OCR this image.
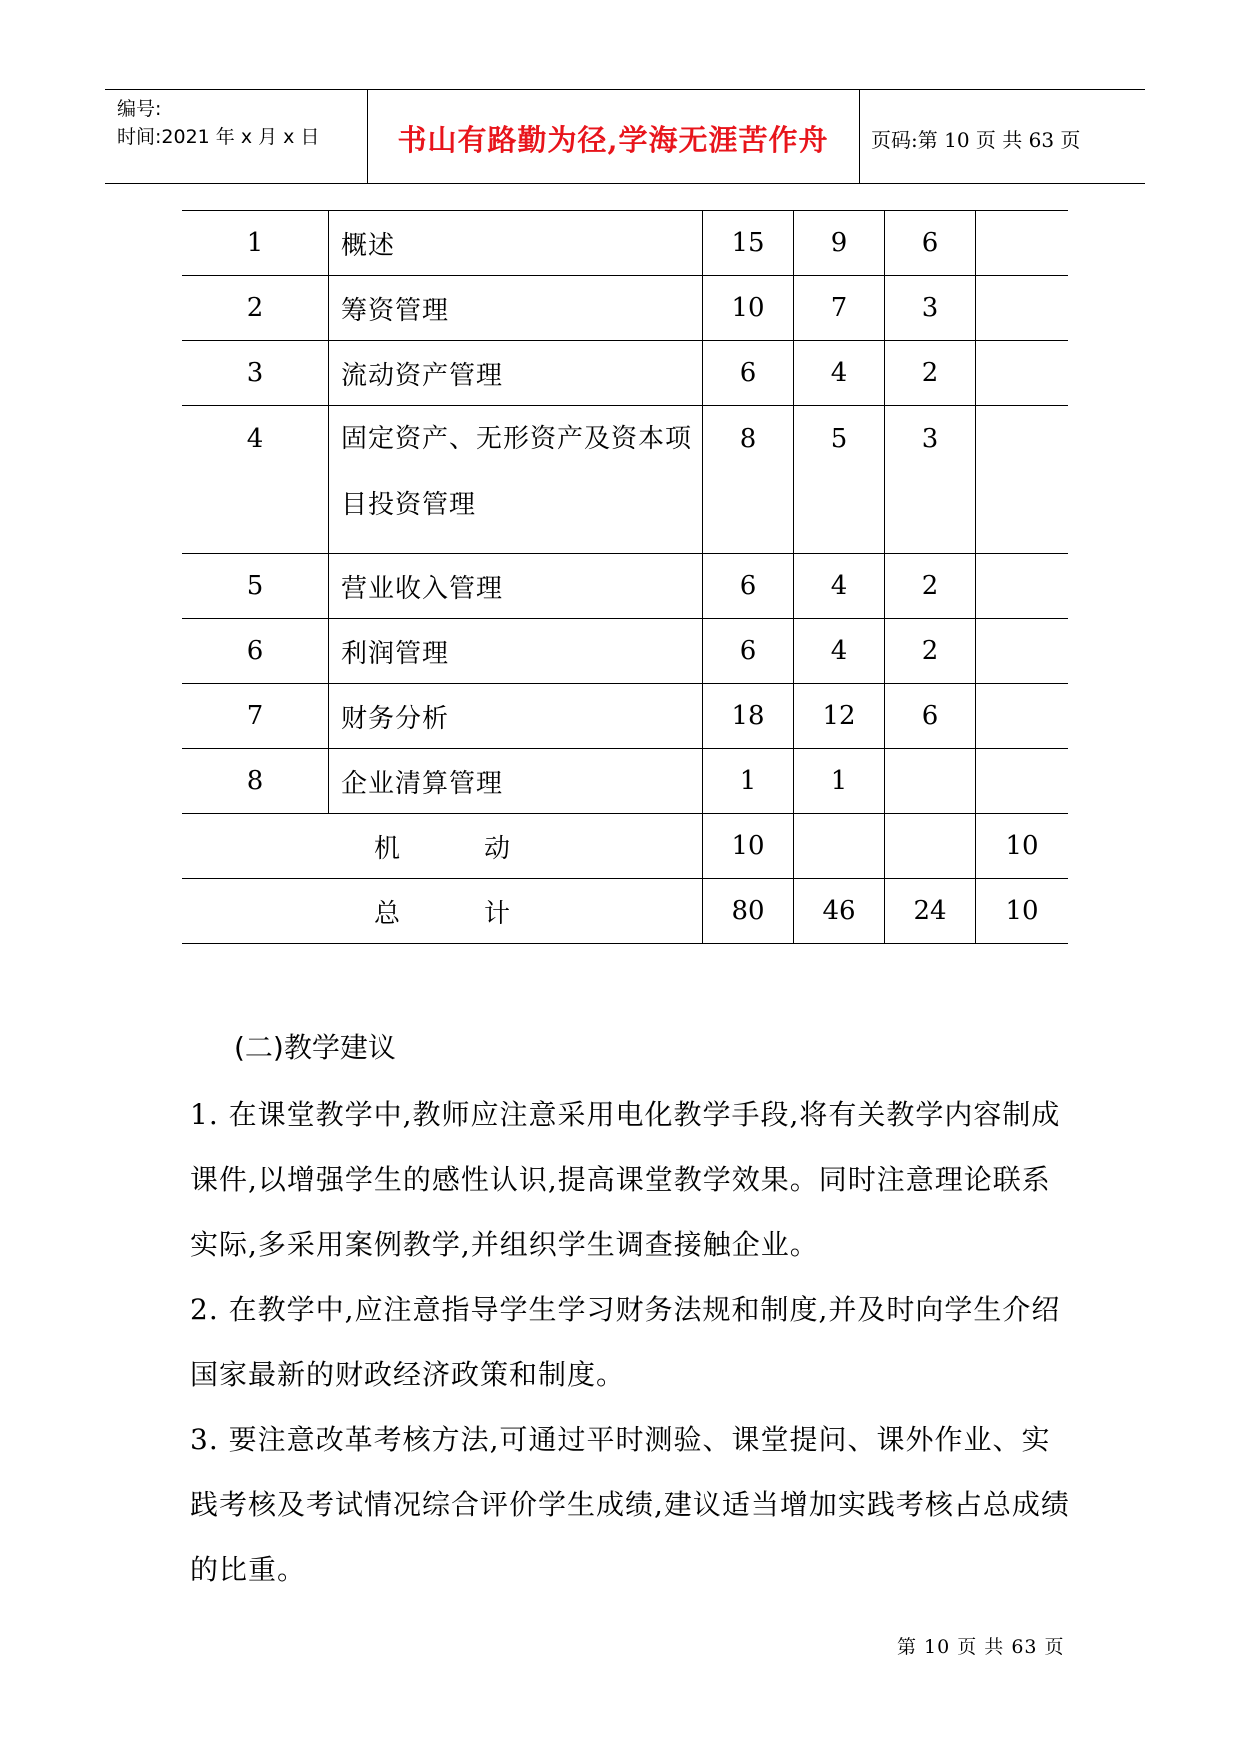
编号:
时间:2021 年 x 月 x 日	书山有路勤为径,学海无涯苦作舟	页码:第 10 页 共 63 页
1	概述	15	9	6	
2	筹资管理	10	7	3	
3	流动资产管理	6	4	2	
4	固定资产、无形资产及资本项目投资管理	8	5	3	
5	营业收入管理	6	4	2	
6	利润管理	6	4	2	
7	财务分析	18	12	6	
8	企业清算管理	1	1		
机 动		10			10
总 计		80	46	24	10
(二)教学建议
1. 在课堂教学中,教师应注意采用电化教学手段,将有关教学内容制成课件,以增强学生的感性认识,提高课堂教学效果。同时注意理论联系实际,多采用案例教学,并组织学生调查接触企业。
2. 在教学中,应注意指导学生学习财务法规和制度,并及时向学生介绍国家最新的财政经济政策和制度。
3. 要注意改革考核方法,可通过平时测验、课堂提问、课外作业、实践考核及考试情况综合评价学生成绩,建议适当增加实践考核占总成绩的比重。
第 10 页 共 63 页
